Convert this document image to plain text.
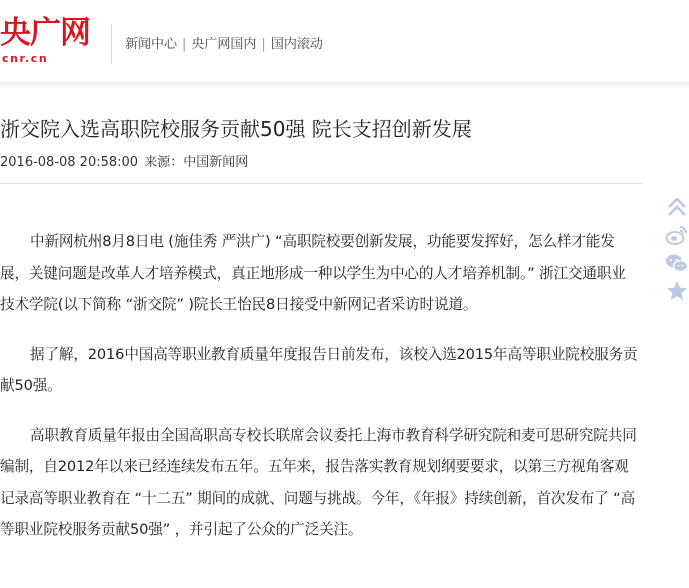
央广网
cnr.cn
新闻中心 | 央广网国内 | 国内滚动
浙交院入选高职院校服务贡献50强 院长支招创新发展
2016-08-08 20:58:00 来源：中国新闻网

中新网杭州8月8日电 (施佳秀 严洪广) “高职院校要创新发展，功能要发挥好，怎么样才能发展，关键问题是改革人才培养模式，真正地形成一种以学生为中心的人才培养机制。” 浙江交通职业技术学院(以下简称 “浙交院” )院长王怡民8日接受中新网记者采访时说道。

据了解，2016中国高等职业教育质量年度报告日前发布，该校入选2015年高等职业院校服务贡献50强。

高职教育质量年报由全国高职高专校长联席会议委托上海市教育科学研究院和麦可思研究院共同编制，自2012年以来已经连续发布五年。五年来，报告落实教育规划纲要要求，以第三方视角客观记录高等职业教育在 “十二五” 期间的成就、问题与挑战。今年，《年报》持续创新，首次发布了 “高等职业院校服务贡献50强” ，并引起了公众的广泛关注。
